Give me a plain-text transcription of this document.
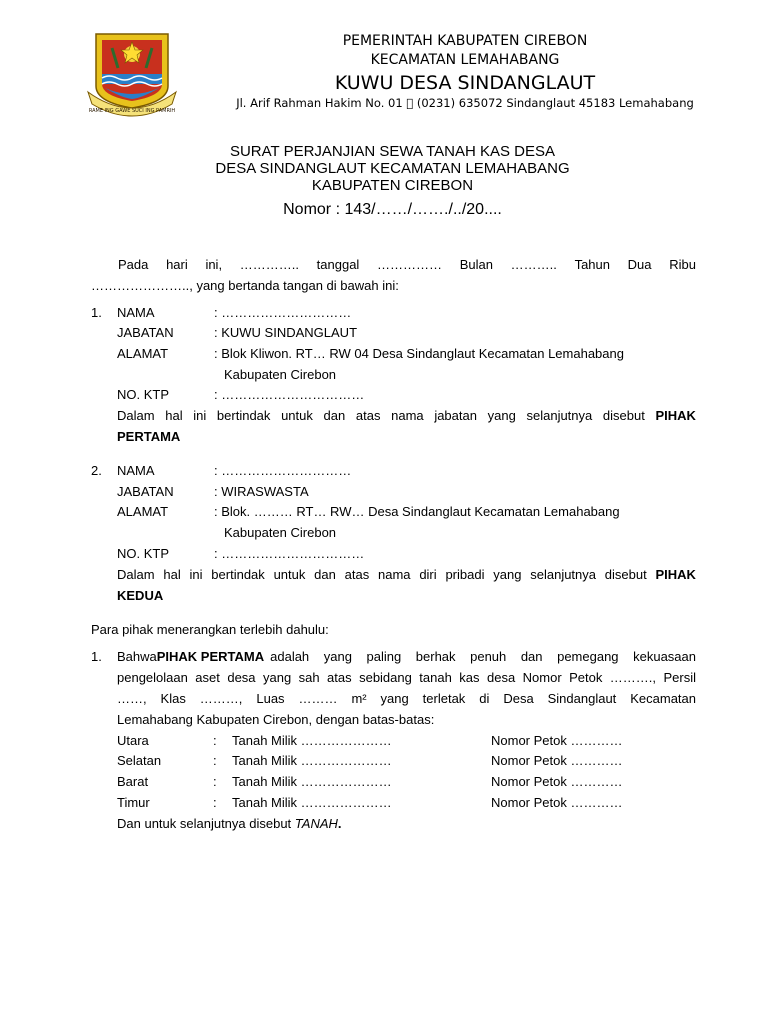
RAME ING GAWE SUCI ING PAMRIH
PEMERINTAH KABUPATEN CIREBON
KECAMATAN LEMAHABANG
KUWU DESA SINDANGLAUT
Jl. Arif Rahman Hakim No. 01 (0231) 635072 Sindanglaut 45183 Lemahabang
SURAT PERJANJIAN SEWA TANAH KAS DESA
DESA SINDANGLAUT KECAMATAN LEMAHABANG
KABUPATEN CIREBON
Nomor : 143/……/……./../20....
Pada hari ini, ………….. tanggal …………… Bulan ……….. Tahun Dua Ribu
………………….., yang bertanda tangan di bawah ini:
1. NAMA	: …………………………
JABATAN	: KUWU SINDANGLAUT
ALAMAT	: Blok Kliwon. RT… RW 04 Desa Sindanglaut Kecamatan Lemahabang
Kabupaten Cirebon
NO. KTP	: ……………………………
Dalam hal ini bertindak untuk dan atas nama jabatan yang selanjutnya disebut PIHAK
PERTAMA
2. NAMA	: …………………………
JABATAN	: WIRASWASTA
ALAMAT	: Blok. ……… RT… RW… Desa Sindanglaut Kecamatan Lemahabang
Kabupaten Cirebon
NO. KTP	: ……………………………
Dalam hal ini bertindak untuk dan atas nama diri pribadi yang selanjutnya disebut PIHAK
KEDUA
Para pihak menerangkan terlebih dahulu:
1. Bahwa PIHAK PERTAMA adalah yang paling berhak penuh dan pemegang kekuasaan
pengelolaan aset desa yang sah atas sebidang tanah kas desa Nomor Petok ………., Persil
……, Klas ………, Luas ……… m² yang terletak di Desa Sindanglaut Kecamatan
Lemahabang Kabupaten Cirebon, dengan batas-batas:
Utara	: Tanah Milik …………………	Nomor Petok …………
Selatan	: Tanah Milik …………………	Nomor Petok …………
Barat	: Tanah Milik …………………	Nomor Petok …………
Timur	: Tanah Milik …………………	Nomor Petok …………
Dan untuk selanjutnya disebut TANAH.
